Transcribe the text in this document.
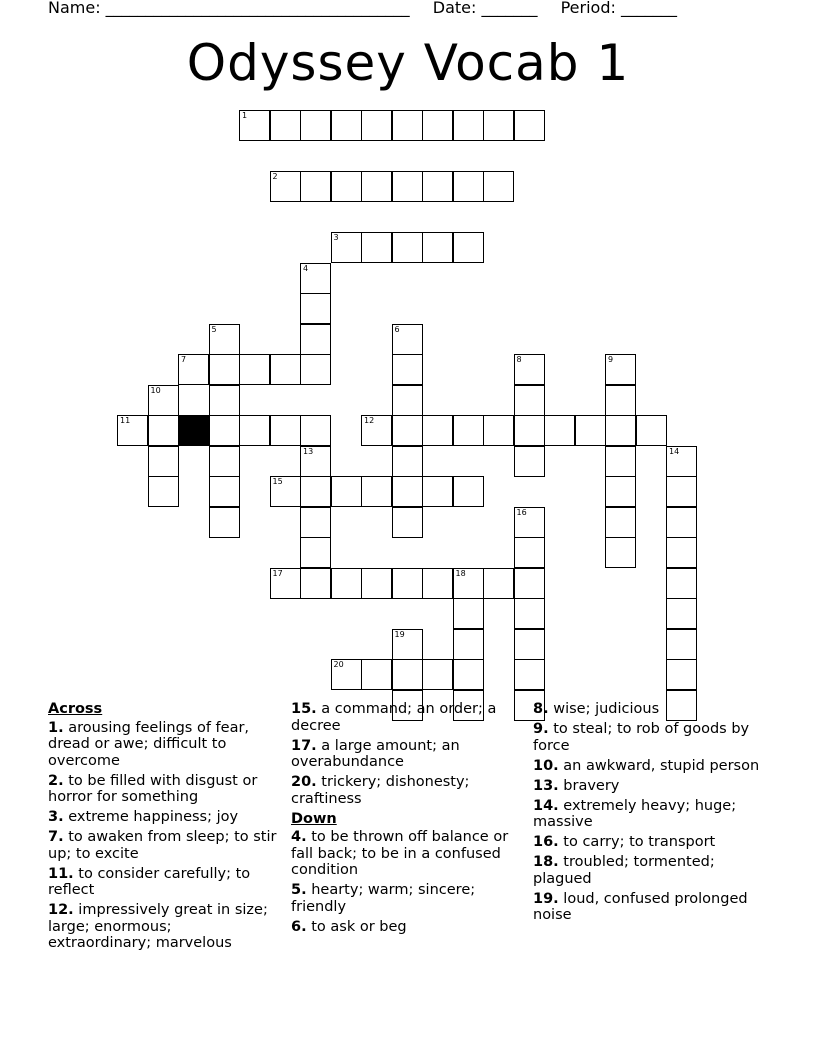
Name: ______________________________________ Date: _______ Period: _______
Odyssey Vocab 1
1
2
3
7
11	12
15
17	18
20
4
5	6
8	9
10
13	14
16
19
Across
1. arousing feelings of fear, dread or awe; difficult to overcome
2. to be filled with disgust or horror for something
3. extreme happiness; joy
7. to awaken from sleep; to stir up; to excite
11. to consider carefully; to reflect
12. impressively great in size; large; enormous; extraordinary; marvelous
15. a command; an order; a decree
17. a large amount; an overabundance
20. trickery; dishonesty; craftiness
Down
4. to be thrown off balance or fall back; to be in a confused condition
5. hearty; warm; sincere; friendly
6. to ask or beg
8. wise; judicious
9. to steal; to rob of goods by force
10. an awkward, stupid person
13. bravery
14. extremely heavy; huge; massive
16. to carry; to transport
18. troubled; tormented; plagued
19. loud, confused prolonged noise
